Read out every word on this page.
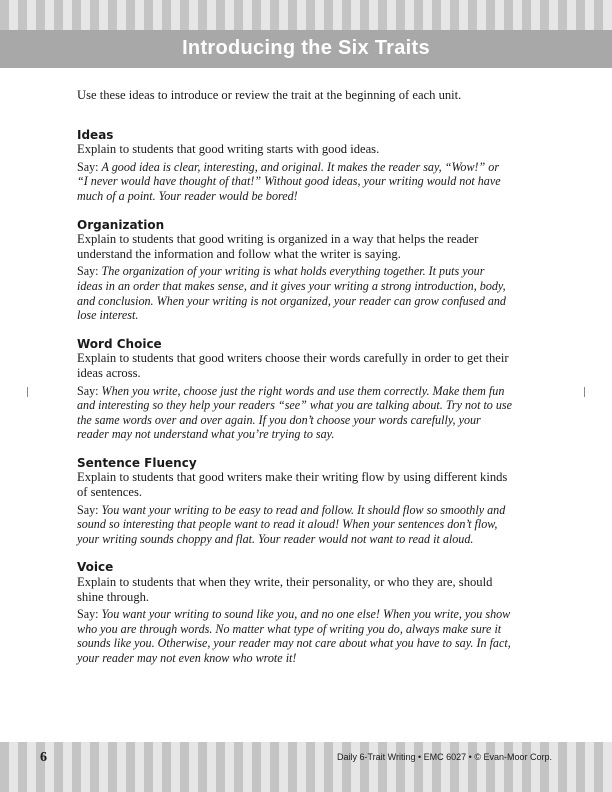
Introducing the Six Traits

Use these ideas to introduce or review the trait at the beginning of each unit.

Ideas

Explain to students that good writing starts with good ideas.

Say: A good idea is clear, interesting, and original. It makes the reader say, “Wow!” or “I never would have thought of that!” Without good ideas, your writing would not have much of a point. Your reader would be bored!

Organization

Explain to students that good writing is organized in a way that helps the reader understand the information and follow what the writer is saying.

Say: The organization of your writing is what holds everything together. It puts your ideas in an order that makes sense, and it gives your writing a strong introduction, body, and conclusion. When your writing is not organized, your reader can grow confused and lose interest.

Word Choice

Explain to students that good writers choose their words carefully in order to get their ideas across.

Say: When you write, choose just the right words and use them correctly. Make them fun and interesting so they help your readers “see” what you are talking about. Try not to use the same words over and over again. If you don’t choose your words carefully, your reader may not understand what you’re trying to say.

Sentence Fluency

Explain to students that good writers make their writing flow by using different kinds of sentences.

Say: You want your writing to be easy to read and follow. It should flow so smoothly and sound so interesting that people want to read it aloud! When your sentences don’t flow, your writing sounds choppy and flat. Your reader would not want to read it aloud.

Voice

Explain to students that when they write, their personality, or who they are, should shine through.

Say: You want your writing to sound like you, and no one else! When you write, you show who you are through words. No matter what type of writing you do, always make sure it sounds like you. Otherwise, your reader may not care about what you have to say. In fact, your reader may not even know who wrote it!

6	Daily 6-Trait Writing • EMC 6027 • © Evan-Moor Corp.
